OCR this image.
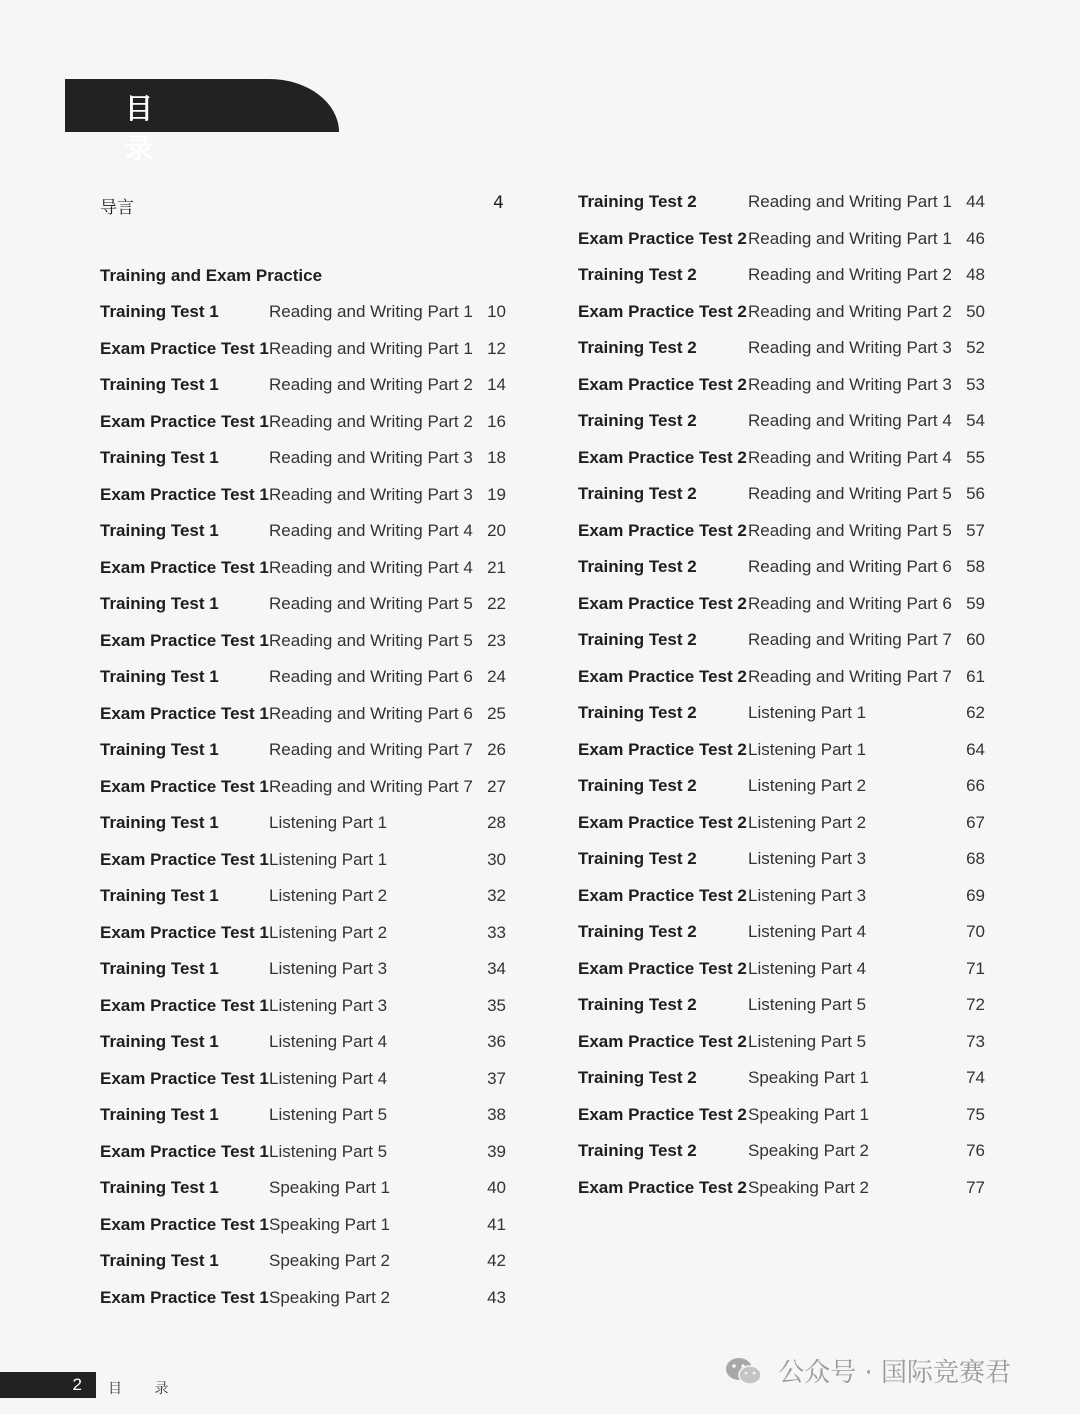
目 录
导言	4
Training and Exam Practice
Training Test 1	Reading and Writing Part 1 10
Exam Practice Test 1 Reading and Writing Part 1 12
Training Test 1	Reading and Writing Part 2 14
Exam Practice Test 1 Reading and Writing Part 2 16
Training Test 1	Reading and Writing Part 3 18
Exam Practice Test 1 Reading and Writing Part 3 19
Training Test 1	Reading and Writing Part 4 20
Exam Practice Test 1 Reading and Writing Part 4 21
Training Test 1	Reading and Writing Part 5 22
Exam Practice Test 1 Reading and Writing Part 5 23
Training Test 1	Reading and Writing Part 6 24
Exam Practice Test 1 Reading and Writing Part 6 25
Training Test 1	Reading and Writing Part 7 26
Exam Practice Test 1 Reading and Writing Part 7 27
Training Test 1	Listening Part 1	28
Exam Practice Test 1 Listening Part 1	30
Training Test 1	Listening Part 2	32
Exam Practice Test 1 Listening Part 2	33
Training Test 1	Listening Part 3	34
Exam Practice Test 1 Listening Part 3	35
Training Test 1	Listening Part 4	36
Exam Practice Test 1 Listening Part 4	37
Training Test 1	Listening Part 5	38
Exam Practice Test 1 Listening Part 5	39
Training Test 1	Speaking Part 1	40
Exam Practice Test 1 Speaking Part 1	41
Training Test 1	Speaking Part 2	42
Exam Practice Test 1 Speaking Part 2	43
Training Test 2	Reading and Writing Part 1 44
Exam Practice Test 2 Reading and Writing Part 1 46
Training Test 2	Reading and Writing Part 2 48
Exam Practice Test 2 Reading and Writing Part 2 50
Training Test 2	Reading and Writing Part 3 52
Exam Practice Test 2 Reading and Writing Part 3 53
Training Test 2	Reading and Writing Part 4 54
Exam Practice Test 2 Reading and Writing Part 4 55
Training Test 2	Reading and Writing Part 5 56
Exam Practice Test 2 Reading and Writing Part 5 57
Training Test 2	Reading and Writing Part 6 58
Exam Practice Test 2 Reading and Writing Part 6 59
Training Test 2	Reading and Writing Part 7 60
Exam Practice Test 2 Reading and Writing Part 7 61
Training Test 2	Listening Part 1	62
Exam Practice Test 2 Listening Part 1	64
Training Test 2	Listening Part 2	66
Exam Practice Test 2 Listening Part 2	67
Training Test 2	Listening Part 3	68
Exam Practice Test 2 Listening Part 3	69
Training Test 2	Listening Part 4	70
Exam Practice Test 2 Listening Part 4	71
Training Test 2	Listening Part 5	72
Exam Practice Test 2 Listening Part 5	73
Training Test 2	Speaking Part 1	74
Exam Practice Test 2 Speaking Part 1	75
Training Test 2	Speaking Part 2	76
Exam Practice Test 2 Speaking Part 2	77
2 目 录
公众号 · 国际竞赛君
